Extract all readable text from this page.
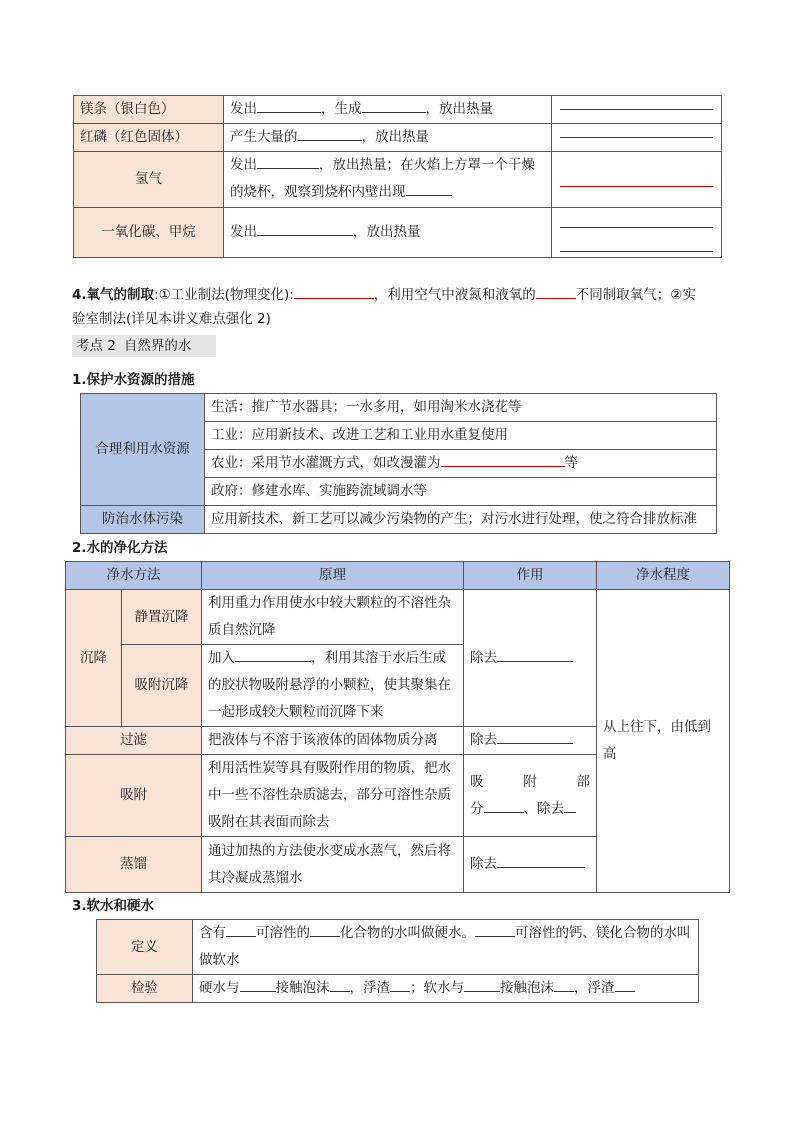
镁条（银白色）	发出 ，生成 ，放出热量	

红磷（红色固体）	产生大量的 ，放出热量	

氢气	发出 ，放出热量；在火焰上方罩一个干燥
的烧杯，观察到烧杯内壁出现	

一氧化碳、甲烷	发出 ，放出热量	
4.氧气的制取:①工业制法(物理变化):	，利用空气中液氮和液氧的	不同制取氧气；②实
验室制法(详见本讲义难点强化 2)
考点 2 自然界的水
1.保护水资源的措施
合理利用水资源	生活：推广节水器具；一水多用，如用淘米水浇花等
	工业：应用新技术、改进工艺和工业用水重复使用
	农业：采用节水灌溉方式，如改漫灌为 等
	政府：修建水库、实施跨流域调水等
防治水体污染	应用新技术、新工艺可以减少污染物的产生；对污水进行处理，使之符合排放标准
2.水的净化方法
净水方法		原理	作用	净水程度
沉降	静置沉降	利用重力作用使水中较大颗粒的不溶性杂质自然沉降	除去	从上往下，由低到高
	吸附沉降	加入 ，利用其溶于水后生成的胶状物吸附悬浮的小颗粒，使其聚集在一起形成较大颗粒而沉降下来		
过滤		把液体与不溶于该液体的固体物质分离	除去	
吸附		利用活性炭等具有吸附作用的物质，把水中一些不溶性杂质滤去，部分可溶性杂质吸附在其表面而除去	吸 附 部
分 、除去	

蒸馏		通过加热的方法使水变成水蒸气，然后将其冷凝成蒸馏水	除去	
3.软水和硬水
定义	含有 可溶性的 化合物的水叫做硬水。 可溶性的钙、镁化合物的水叫做软水
检验	硬水与 接触泡沫 ，浮渣 ；软水与 接触泡沫 ，浮渣
